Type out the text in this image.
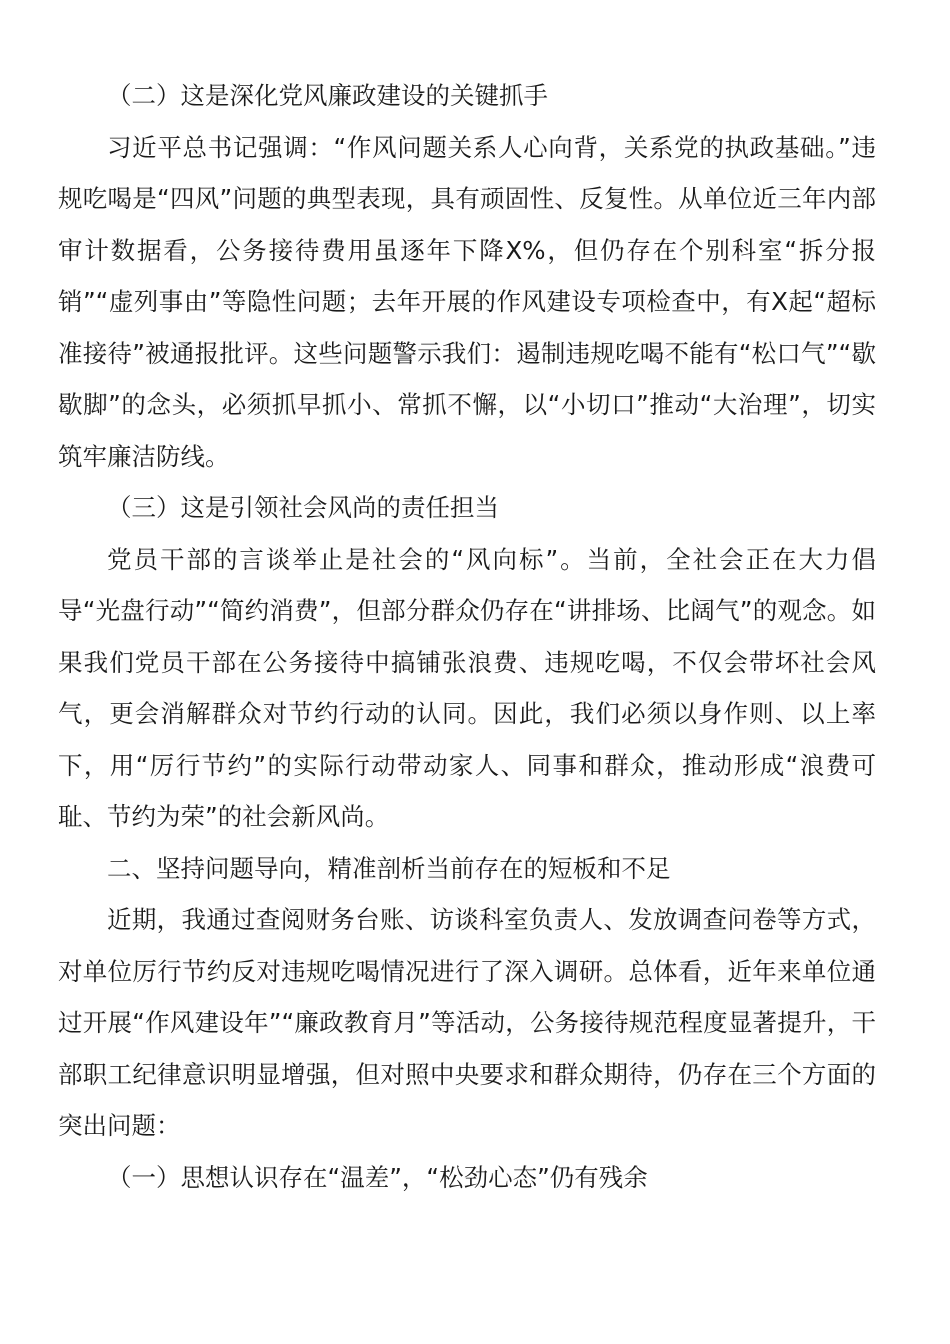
（二）这是深化党风廉政建设的关键抓手

习近平总书记强调：“作风问题关系人心向背，关系党的执政基础。”违规吃喝是“四风”问题的典型表现，具有顽固性、反复性。从单位近三年内部审计数据看，公务接待费用虽逐年下降X%，但仍存在个别科室“拆分报销”“虚列事由”等隐性问题；去年开展的作风建设专项检查中，有X起“超标准接待”被通报批评。这些问题警示我们：遏制违规吃喝不能有“松口气”“歇歇脚”的念头，必须抓早抓小、常抓不懈，以“小切口”推动“大治理”，切实筑牢廉洁防线。

（三）这是引领社会风尚的责任担当

党员干部的言谈举止是社会的“风向标”。当前，全社会正在大力倡导“光盘行动”“简约消费”，但部分群众仍存在“讲排场、比阔气”的观念。如果我们党员干部在公务接待中搞铺张浪费、违规吃喝，不仅会带坏社会风气，更会消解群众对节约行动的认同。因此，我们必须以身作则、以上率下，用“厉行节约”的实际行动带动家人、同事和群众，推动形成“浪费可耻、节约为荣”的社会新风尚。

二、坚持问题导向，精准剖析当前存在的短板和不足

近期，我通过查阅财务台账、访谈科室负责人、发放调查问卷等方式，对单位厉行节约反对违规吃喝情况进行了深入调研。总体看，近年来单位通过开展“作风建设年”“廉政教育月”等活动，公务接待规范程度显著提升，干部职工纪律意识明显增强，但对照中央要求和群众期待，仍存在三个方面的突出问题：

（一）思想认识存在“温差”，“松劲心态”仍有残余
